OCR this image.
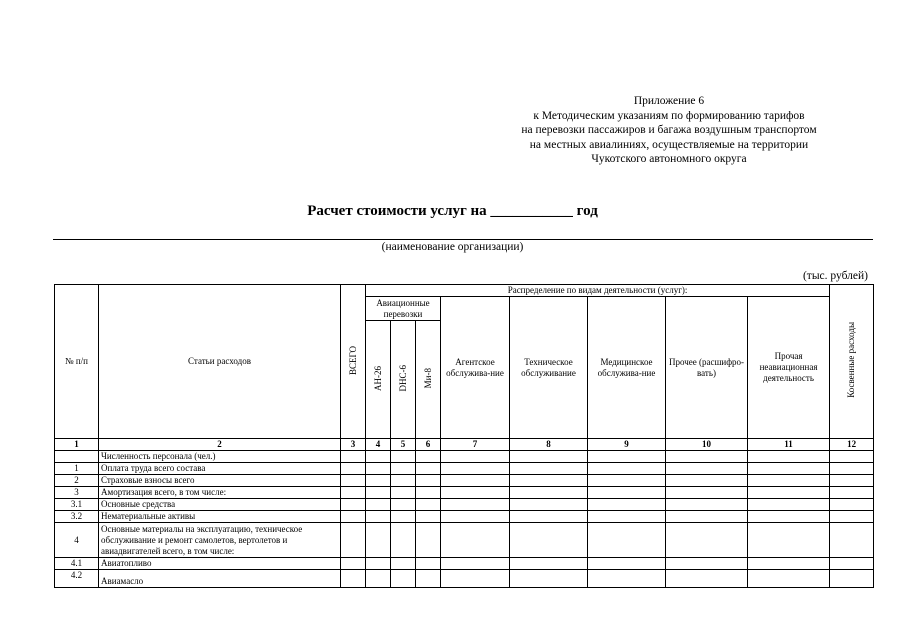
Приложение 6
к Методическим указаниям по формированию тарифов
на перевозки пассажиров и багажа воздушным транспортом
на местных авиалиниях, осуществляемые на территории
Чукотского автономного округа
Расчет стоимости услуг на ___________ год
(наименование организации)
(тыс. рублей)
№ п/п	Статьи расходов	ВСЕГО	Распределение по видам деятельности (услуг):								Косвенные расходы
			Авиационные перевозки			Агентское обслужива-ние	Техническое обслуживание	Медицинское обслужива-ние	Прочее (расшифро-вать)	Прочая неавиационная деятельность	
			АН-26	DHC-6	Ми-8						

1	2	3	4	5	6	7	8	9	10	11	12
	Численность персонала (чел.)										
1	Оплата труда всего состава										
2	Страховые взносы всего										
3	Амортизация всего, в том числе:										
3.1	Основные средства										
3.2	Нематериальные активы										
4	Основные материалы на эксплуатацию, техническое обслуживание и ремонт самолетов, вертолетов и авиадвигателей всего, в том числе:										
4.1	Авиатопливо										
4.2	Авиамасло										
